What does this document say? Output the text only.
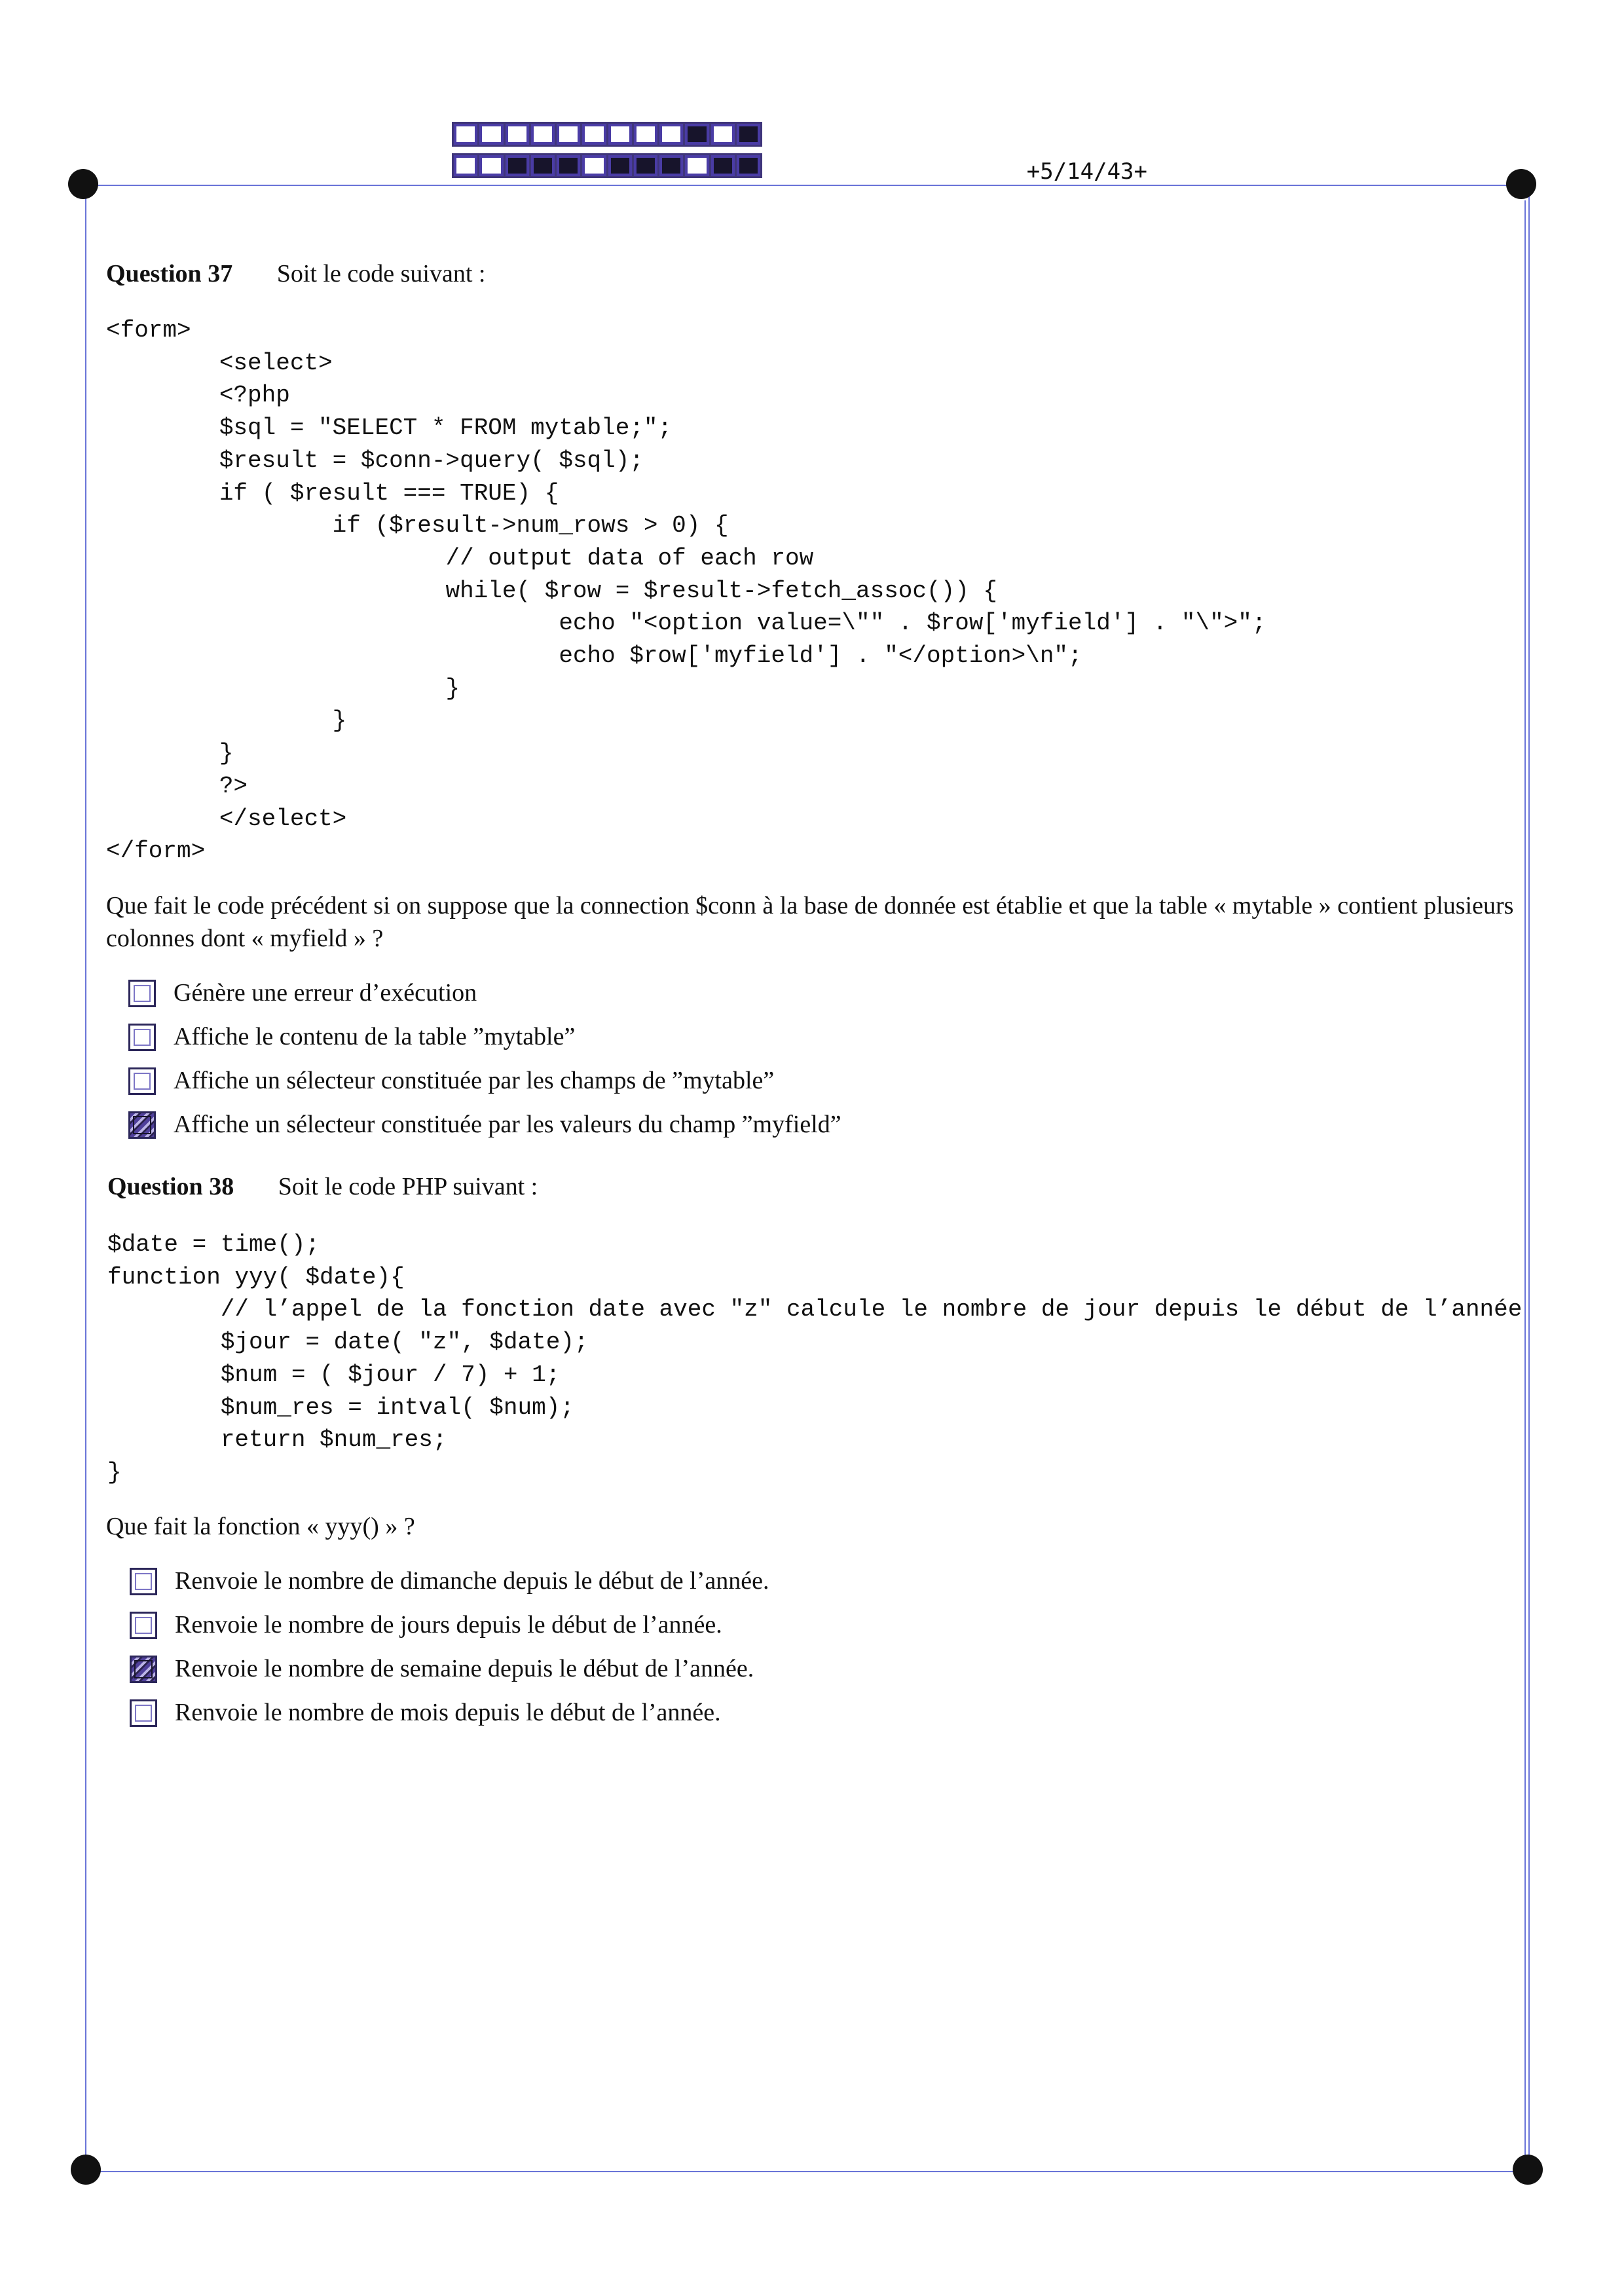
+5/14/43+
Question 37 Soit le code suivant :
<form>
<select>
<?php
$sql = "SELECT * FROM mytable;";
$result = $conn->query( $sql);
if ( $result === TRUE) {
if ($result->num_rows > 0) {
// output data of each row
while( $row = $result->fetch_assoc()) {
echo "<option value=\"" . $row['myfield'] . "\">";
echo $row['myfield'] . "</option>\n";
}
}
}
?>
</select>
</form>

Que fait le code précédent si on suppose que la connection $conn à la base de donnée est établie et que la table « mytable » contient plusieurs colonnes dont « myfield » ?

Génère une erreur d’exécution
Affiche le contenu de la table ”mytable”
Affiche un sélecteur constituée par les champs de ”mytable”
Affiche un sélecteur constituée par les valeurs du champ ”myfield”
Question 38 Soit le code PHP suivant :
$date = time();
function yyy( $date){
// l’appel de la fonction date avec "z" calcule le nombre de jour depuis le début de l’année
$jour = date( "z", $date);
$num = ( $jour / 7) + 1;
$num_res = intval( $num);
return $num_res;
}

Que fait la fonction « yyy() » ?

Renvoie le nombre de dimanche depuis le début de l’année.
Renvoie le nombre de jours depuis le début de l’année.
Renvoie le nombre de semaine depuis le début de l’année.
Renvoie le nombre de mois depuis le début de l’année.
